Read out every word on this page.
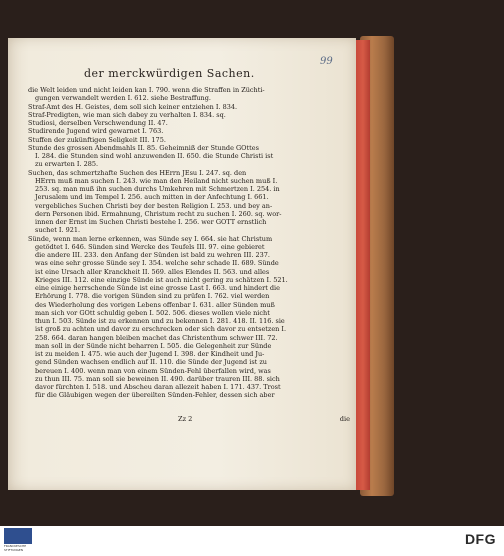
99
der merckwürdigen Sachen.
die Welt leiden und nicht leiden kan I. 790. wenn die Straffen in Züchti-
gungen verwandelt werden I. 612. siehe Bestraffung.
Straf-Amt des H. Geistes, dem soll sich keiner entziehen I. 834.
Straf-Predigten, wie man sich dabey zu verhalten I. 834. sq.
Studiosi, derselben Verschwendung II. 47.
Studirende Jugend wird gewarnet I. 763.
Stuffen der zukünftigen Seligkeit III. 175.
Stunde des grossen Abendmahls II. 85. Geheimniß der Stunde GOttes
I. 284. die Stunden sind wohl anzuwenden II. 650. die Stunde Christi ist
zu erwarten I. 285.
Suchen, das schmertzhafte Suchen des HErrn JEsu I. 247. sq. den
HErrn muß man suchen I. 243. wie man den Heiland nicht suchen muß I.
253. sq. man muß ihn suchen durchs Umkehren mit Schmertzen I. 254. in
Jerusalem und im Tempel I. 256. auch mitten in der Anfechtung I. 661.
vergebliches Suchen Christi bey der besten Religion I. 253. und bey an-
dern Personen ibid. Ermahnung, Christum recht zu suchen I. 260. sq. wor-
innen der Ernst im Suchen Christi bestehe I. 256. wer GOTT ernstlich
suchet I. 921.
Sünde, wenn man lerne erkennen, was Sünde sey I. 664. sie hat Christum
getödtet I. 646. Sünden sind Wercke des Teufels III. 97. eine gebieret
die andere III. 233. den Anfang der Sünden ist bald zu wehren III. 237.
was eine sehr grosse Sünde sey I. 354. welche sehr schade II. 689. Sünde
ist eine Ursach aller Kranckheit II. 569. alles Elendes II. 563. und alles
Krieges III. 112. eine einzige Sünde ist auch nicht gering zu schätzen I. 521.
eine einige herrschende Sünde ist eine grosse Last I. 663. und hindert die
Erhörung I. 778. die vorigen Sünden sind zu prüfen I. 762. viel werden
des Wiederholung des vorigen Lebens offenbar I. 631. aller Sünden muß
man sich vor GOtt schuldig geben I. 502. 506. dieses wollen viele nicht
thun I. 503. Sünde ist zu erkennen und zu bekennen I. 281. 418. II. 116. sie
ist groß zu achten und davor zu erschrecken oder sich davor zu entsetzen I.
258. 664. daran hangen bleiben machet das Christenthum schwer III. 72.
man soll in der Sünde nicht beharren I. 505. die Gelegenheit zur Sünde
ist zu meiden I. 475. wie auch der Jugend I. 398. der Kindheit und Ju-
gend Sünden wachsen endlich auf II. 110. die Sünde der Jugend ist zu
bereuen I. 400. wenn man von einem Sünden-Fehl überfallen wird, was
zu thun III. 75. man soll sie beweinen II. 490. darüber trauren III. 88. sich
davor fürchten I. 518. und Abscheu daran allezeit haben I. 171. 437. Trost
für die Gläubigen wegen der übereilten Sünden-Fehler, dessen sich aber
Zz 2	die
FRANCKESCHE STIFTUNGEN
DFG
